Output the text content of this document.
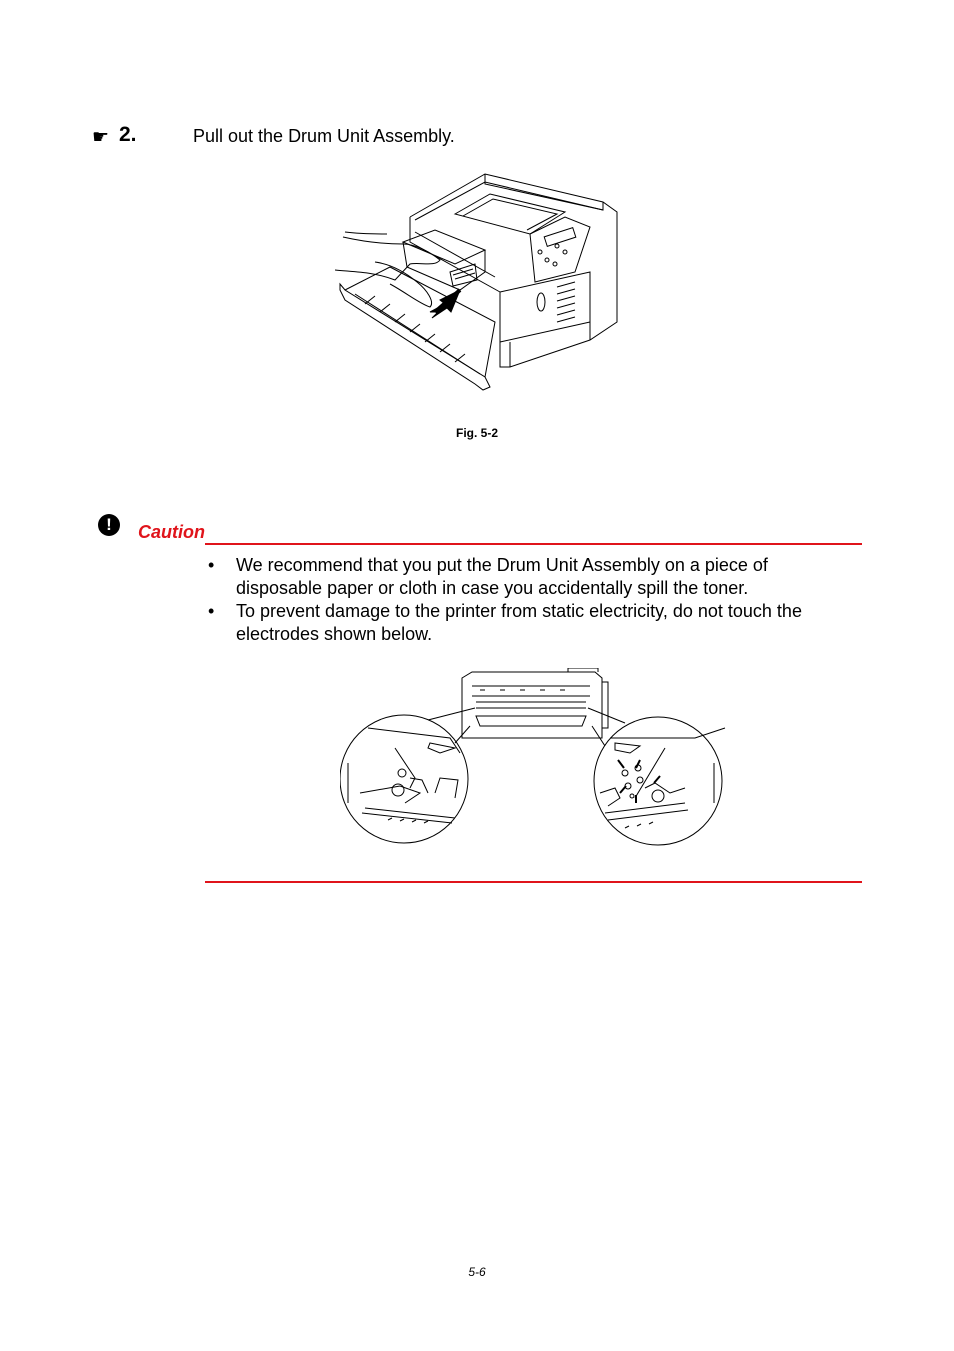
☛ 2.	Pull out the Drum Unit Assembly.
Fig. 5-2
!	Caution
• We recommend that you put the Drum Unit Assembly on a piece of disposable paper or cloth in case you accidentally spill the toner.
• To prevent damage to the printer from static electricity, do not touch the electrodes shown below.
5-6
